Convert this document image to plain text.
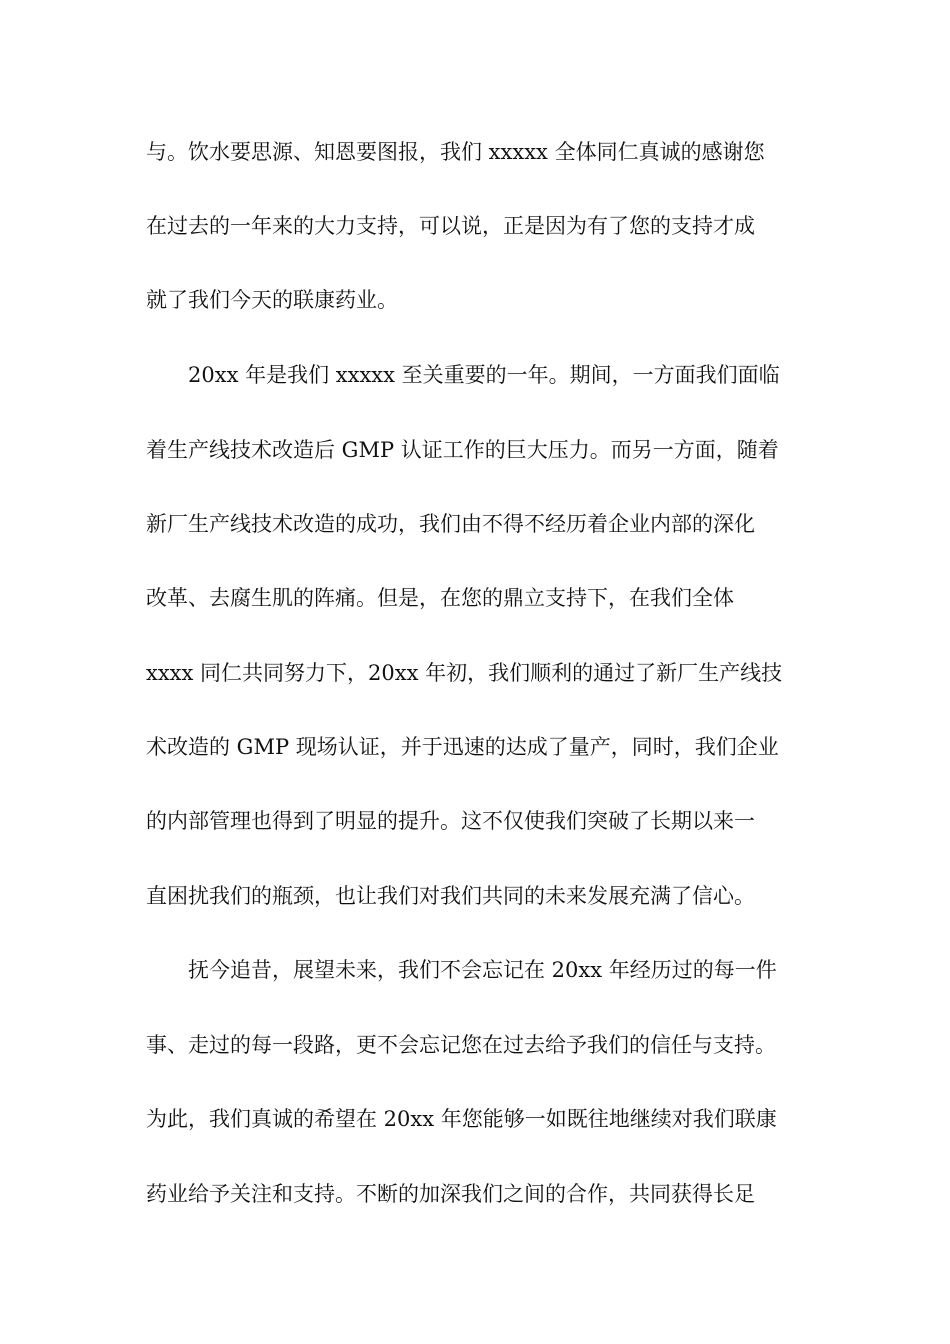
与。饮水要思源、知恩要图报，我们 xxxxx 全体同仁真诚的感谢您
在过去的一年来的大力支持，可以说，正是因为有了您的支持才成
就了我们今天的联康药业。
20xx 年是我们 xxxxx 至关重要的一年。期间，一方面我们面临
着生产线技术改造后 GMP 认证工作的巨大压力。而另一方面，随着
新厂生产线技术改造的成功，我们由不得不经历着企业内部的深化
改革、去腐生肌的阵痛。但是，在您的鼎立支持下，在我们全体
xxxx 同仁共同努力下，20xx 年初，我们顺利的通过了新厂生产线技
术改造的 GMP 现场认证，并于迅速的达成了量产，同时，我们企业
的内部管理也得到了明显的提升。这不仅使我们突破了长期以来一
直困扰我们的瓶颈，也让我们对我们共同的未来发展充满了信心。
抚今追昔，展望未来，我们不会忘记在 20xx 年经历过的每一件
事、走过的每一段路，更不会忘记您在过去给予我们的信任与支持。
为此，我们真诚的希望在 20xx 年您能够一如既往地继续对我们联康
药业给予关注和支持。不断的加深我们之间的合作，共同获得长足
